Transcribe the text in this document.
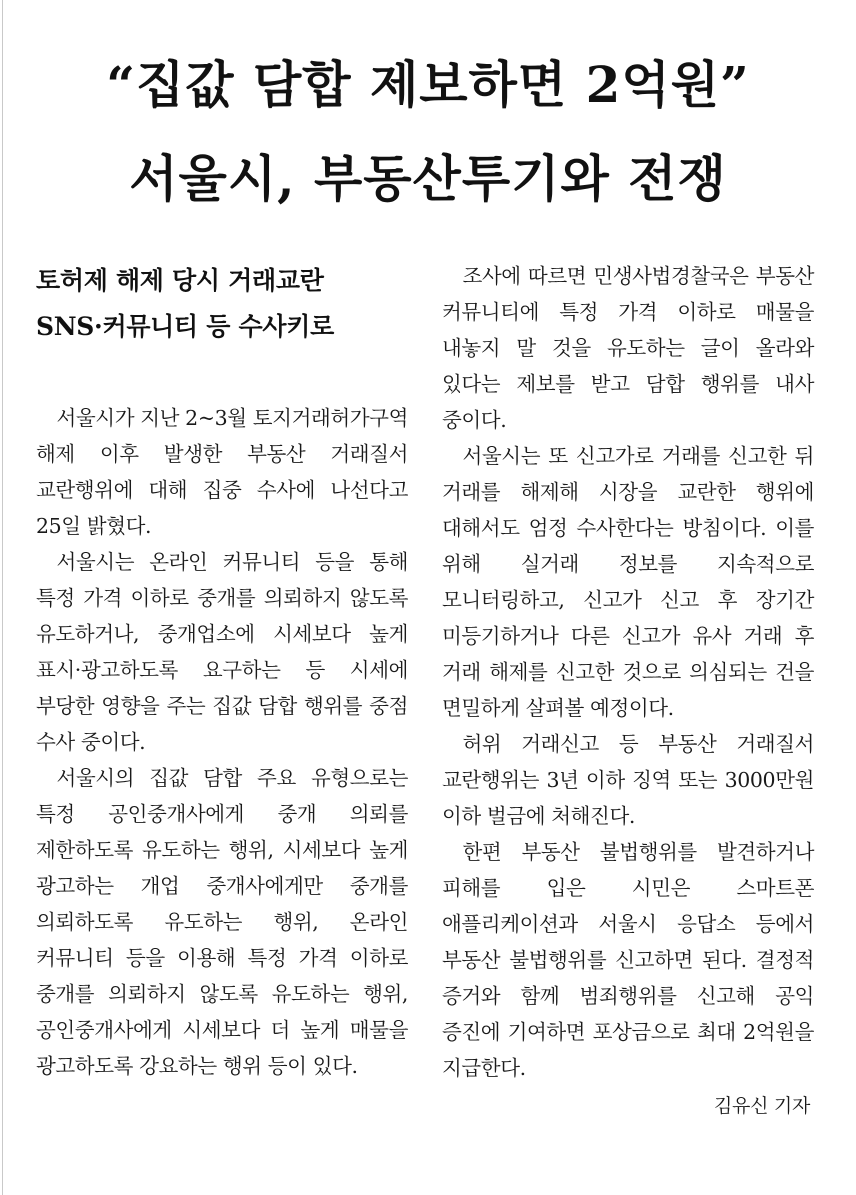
“집값 담합 제보하면 2억원”
서울시, 부동산투기와 전쟁
토허제 해제 당시 거래교란
SNS·커뮤니티 등 수사키로

서울시가 지난 2~3월 토지거래허가구역 해제 이후 발생한 부동산 거래질서 교란행위에 대해 집중 수사에 나선다고 25일 밝혔다.

서울시는 온라인 커뮤니티 등을 통해 특정 가격 이하로 중개를 의뢰하지 않도록 유도하거나, 중개업소에 시세보다 높게 표시·광고하도록 요구하는 등 시세에 부당한 영향을 주는 집값 담합 행위를 중점 수사 중이다.

서울시의 집값 담합 주요 유형으로는 특정 공인중개사에게 중개 의뢰를 제한하도록 유도하는 행위, 시세보다 높게 광고하는 개업 중개사에게만 중개를 의뢰하도록 유도하는 행위, 온라인 커뮤니티 등을 이용해 특정 가격 이하로 중개를 의뢰하지 않도록 유도하는 행위, 공인중개사에게 시세보다 더 높게 매물을 광고하도록 강요하는 행위 등이 있다.

조사에 따르면 민생사법경찰국은 부동산 커뮤니티에 특정 가격 이하로 매물을 내놓지 말 것을 유도하는 글이 올라와 있다는 제보를 받고 담합 행위를 내사 중이다.

서울시는 또 신고가로 거래를 신고한 뒤 거래를 해제해 시장을 교란한 행위에 대해서도 엄정 수사한다는 방침이다. 이를 위해 실거래 정보를 지속적으로 모니터링하고, 신고가 신고 후 장기간 미등기하거나 다른 신고가 유사 거래 후 거래 해제를 신고한 것으로 의심되는 건을 면밀하게 살펴볼 예정이다.

허위 거래신고 등 부동산 거래질서 교란행위는 3년 이하 징역 또는 3000만원 이하 벌금에 처해진다.

한편 부동산 불법행위를 발견하거나 피해를 입은 시민은 스마트폰 애플리케이션과 서울시 응답소 등에서 부동산 불법행위를 신고하면 된다. 결정적 증거와 함께 범죄행위를 신고해 공익 증진에 기여하면 포상금으로 최대 2억원을 지급한다.

김유신 기자
